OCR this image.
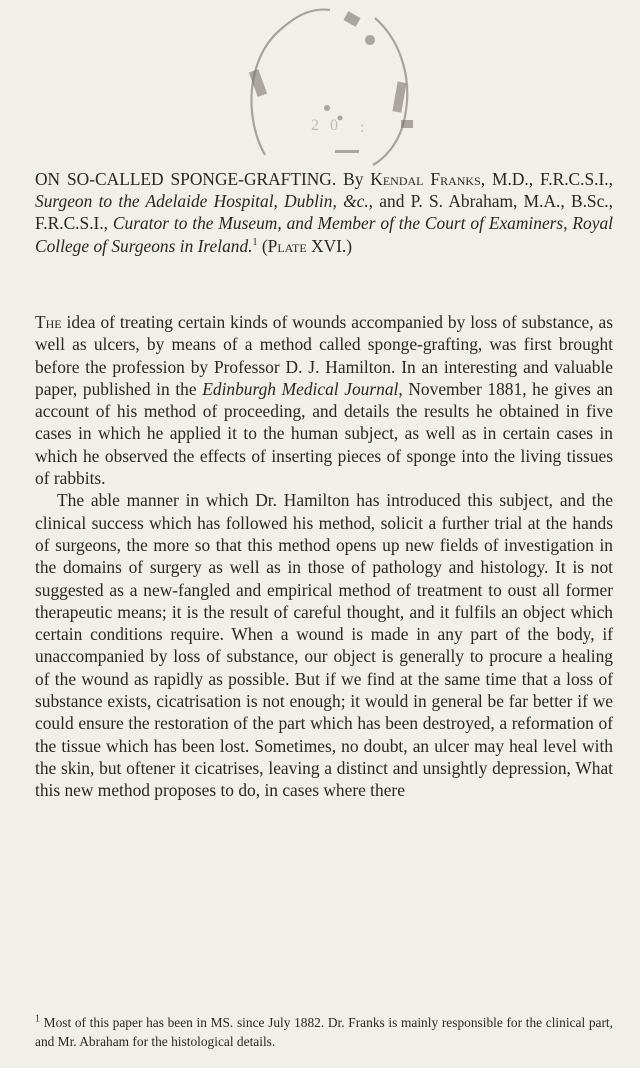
2 0 :
ON SO-CALLED SPONGE-GRAFTING. By Kendal Franks, M.D., F.R.C.S.I., Surgeon to the Adelaide Hospital, Dublin, &c., and P. S. Abraham, M.A., B.Sc., F.R.C.S.I., Curator to the Museum, and Member of the Court of Examiners, Royal College of Surgeons in Ireland.$^1$ (Plate XVI.)

The idea of treating certain kinds of wounds accompanied by loss of substance, as well as ulcers, by means of a method called sponge-grafting, was first brought before the profession by Professor D. J. Hamilton. In an interesting and valuable paper, published in the Edinburgh Medical Journal, November 1881, he gives an account of his method of proceeding, and details the results he obtained in five cases in which he applied it to the human subject, as well as in certain cases in which he observed the effects of inserting pieces of sponge into the living tissues of rabbits.

The able manner in which Dr. Hamilton has introduced this subject, and the clinical success which has followed his method, solicit a further trial at the hands of surgeons, the more so that this method opens up new fields of investigation in the domains of surgery as well as in those of pathology and histology. It is not suggested as a new-fangled and empirical method of treatment to oust all former therapeutic means; it is the result of careful thought, and it fulfils an object which certain conditions require. When a wound is made in any part of the body, if unaccompanied by loss of substance, our object is generally to procure a healing of the wound as rapidly as possible. But if we find at the same time that a loss of substance exists, cicatrisation is not enough; it would in general be far better if we could ensure the restoration of the part which has been destroyed, a reformation of the tissue which has been lost. Sometimes, no doubt, an ulcer may heal level with the skin, but oftener it cicatrises, leaving a distinct and unsightly depression, What this new method proposes to do, in cases where there

$^1$ Most of this paper has been in MS. since July 1882. Dr. Franks is mainly responsible for the clinical part, and Mr. Abraham for the histological details.
